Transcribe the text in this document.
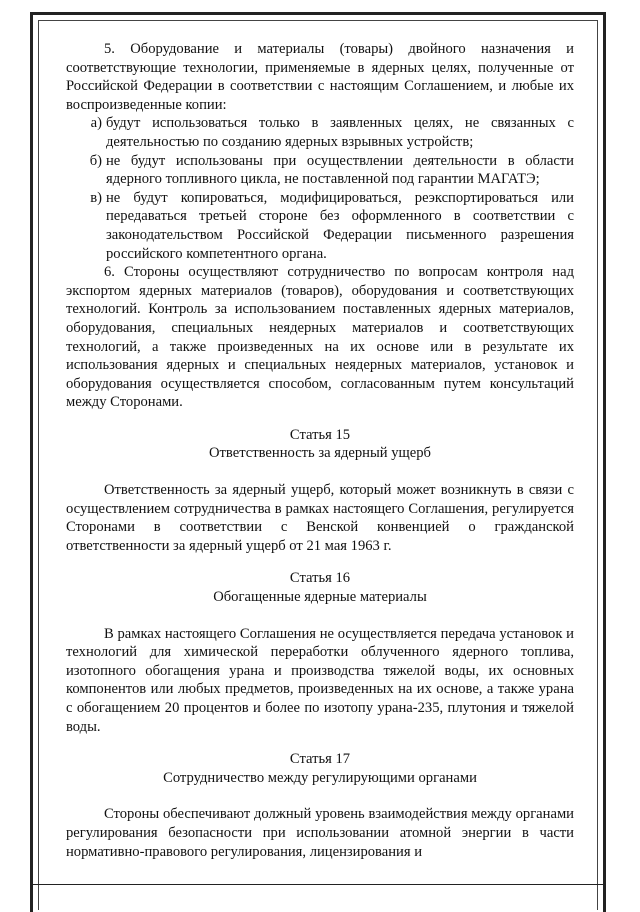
5. Оборудование и материалы (товары) двойного назначения и соответствующие технологии, применяемые в ядерных целях, полученные от Российской Федерации в соответствии с настоящим Соглашением, и любые их воспроизведенные копии:

а) будут использоваться только в заявленных целях, не связанных с деятельностью по созданию ядерных взрывных устройств;
б) не будут использованы при осуществлении деятельности в области ядерного топливного цикла, не поставленной под гарантии МАГАТЭ;
в) не будут копироваться, модифицироваться, реэкспортироваться или передаваться третьей стороне без оформленного в соответствии с законодательством Российской Федерации письменного разрешения российского компетентного органа.

6. Стороны осуществляют сотрудничество по вопросам контроля над экспортом ядерных материалов (товаров), оборудования и соответствующих технологий. Контроль за использованием поставленных ядерных материалов, оборудования, специальных неядерных материалов и соответствующих технологий, а также произведенных на их основе или в результате их использования ядерных и специальных неядерных материалов, установок и оборудования осуществляется способом, согласованным путем консультаций между Сторонами.

Статья 15

Ответственность за ядерный ущерб

Ответственность за ядерный ущерб, который может возникнуть в связи с осуществлением сотрудничества в рамках настоящего Соглашения, регулируется Сторонами в соответствии с Венской конвенцией о гражданской ответственности за ядерный ущерб от 21 мая 1963 г.

Статья 16

Обогащенные ядерные материалы

В рамках настоящего Соглашения не осуществляется передача установок и технологий для химической переработки облученного ядерного топлива, изотопного обогащения урана и производства тяжелой воды, их основных компонентов или любых предметов, произведенных на их основе, а также урана с обогащением 20 процентов и более по изотопу урана-235, плутония и тяжелой воды.

Статья 17

Сотрудничество между регулирующими органами

Стороны обеспечивают должный уровень взаимодействия между органами регулирования безопасности при использовании атомной энергии в части нормативно-правового регулирования, лицензирования и
